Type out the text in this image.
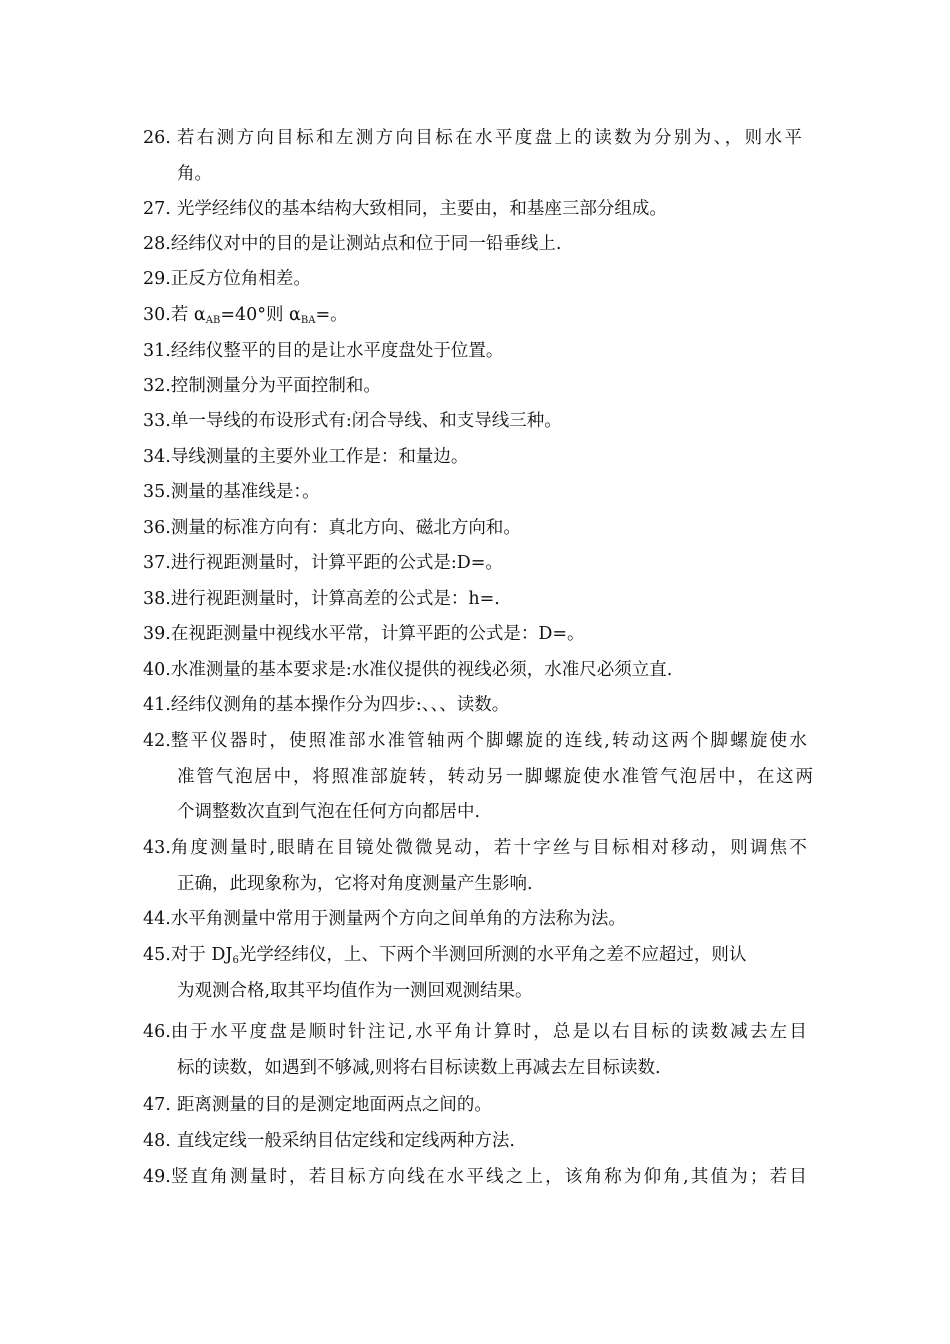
26. 若右测方向目标和左测方向目标在水平度盘上的读数为分别为、，则水平
角。
27. 光学经纬仪的基本结构大致相同，主要由，和基座三部分组成。
28. 经纬仪对中的目的是让测站点和位于同一铅垂线上.
29. 正反方位角相差。
30. 若 $\alpha_{AB}=40^\circ$则 $\alpha_{BA}=$。
31. 经纬仪整平的目的是让水平度盘处于位置。
32. 控制测量分为平面控制和。
33. 单一导线的布设形式有:闭合导线、和支导线三种。
34. 导线测量的主要外业工作是：和量边。
35. 测量的基准线是：。
36. 测量的标准方向有：真北方向、磁北方向和。
37. 进行视距测量时，计算平距的公式是:D=。
38. 进行视距测量时，计算高差的公式是：h=.
39. 在视距测量中视线水平常，计算平距的公式是：D=。
40. 水准测量的基本要求是:水准仪提供的视线必须，水准尺必须立直.
41. 经纬仪测角的基本操作分为四步:、、、读数。
42. 整平仪器时，使照准部水准管轴两个脚螺旋的连线,转动这两个脚螺旋使水
准管气泡居中，将照准部旋转，转动另一脚螺旋使水准管气泡居中，在这两
个调整数次直到气泡在任何方向都居中.
43. 角度测量时,眼睛在目镜处微微晃动，若十字丝与目标相对移动，则调焦不
正确，此现象称为，它将对角度测量产生影响.
44. 水平角测量中常用于测量两个方向之间单角的方法称为法。
45. 对于 $DJ_6$光学经纬仪，上、下两个半测回所测的水平角之差不应超过，则认
为观测合格,取其平均值作为一测回观测结果。
46. 由于水平度盘是顺时针注记,水平角计算时，总是以右目标的读数减去左目
标的读数，如遇到不够减,则将右目标读数上再减去左目标读数.
47. 距离测量的目的是测定地面两点之间的。
48. 直线定线一般采纳目估定线和定线两种方法.
49. 竖直角测量时，若目标方向线在水平线之上，该角称为仰角,其值为；若目
